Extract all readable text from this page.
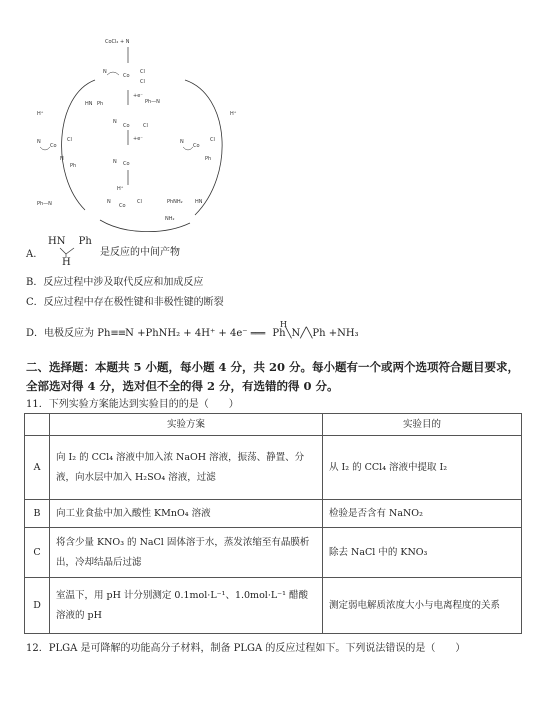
CoCl₂ + N
N
Co
Cl
Cl
HN Ph	Ph—N
+e⁻
N
Co	Cl
+e⁻
N Co
N
Co
Cl
N
Ph
N
Co
Cl
Ph
N
Co
Cl
H⁺
PhNH₂ HN
NH₂
H⁺
Ph—N
H⁺
A.
HN Ph
H
是反应的中间产物
B．反应过程中涉及取代反应和加成反应
C．反应过程中存在极性键和非极性键的断裂
D．电极反应为 Ph≡≡N +PhNH₂ + 4H⁺ + 4e⁻ ═══ Ph╲N╱╲Ph +NH₃
H
二、选择题：本题共 5 小题，每小题 4 分，共 20 分。每小题有一个或两个选项符合题目要求，全部选对得 4 分，选对但不全的得 2 分，有选错的得 0 分。
11．下列实验方案能达到实验目的的是（　　）
	实验方案	实验目的
A	向 I₂ 的 CCl₄ 溶液中加入浓 NaOH 溶液，振荡、静置、分液，向水层中加入 H₂SO₄ 溶液，过滤	从 I₂ 的 CCl₄ 溶液中提取 I₂
B	向工业食盐中加入酸性 KMnO₄ 溶液	检验是否含有 NaNO₂
C	将含少量 KNO₃ 的 NaCl 固体溶于水，蒸发浓缩至有晶膜析出，冷却结晶后过滤	除去 NaCl 中的 KNO₃
D	室温下，用 pH 计分别测定 0.1mol·L⁻¹、1.0mol·L⁻¹ 醋酸溶液的 pH	测定弱电解质浓度大小与电离程度的关系
12．PLGA 是可降解的功能高分子材料，制备 PLGA 的反应过程如下。下列说法错误的是（　　）
